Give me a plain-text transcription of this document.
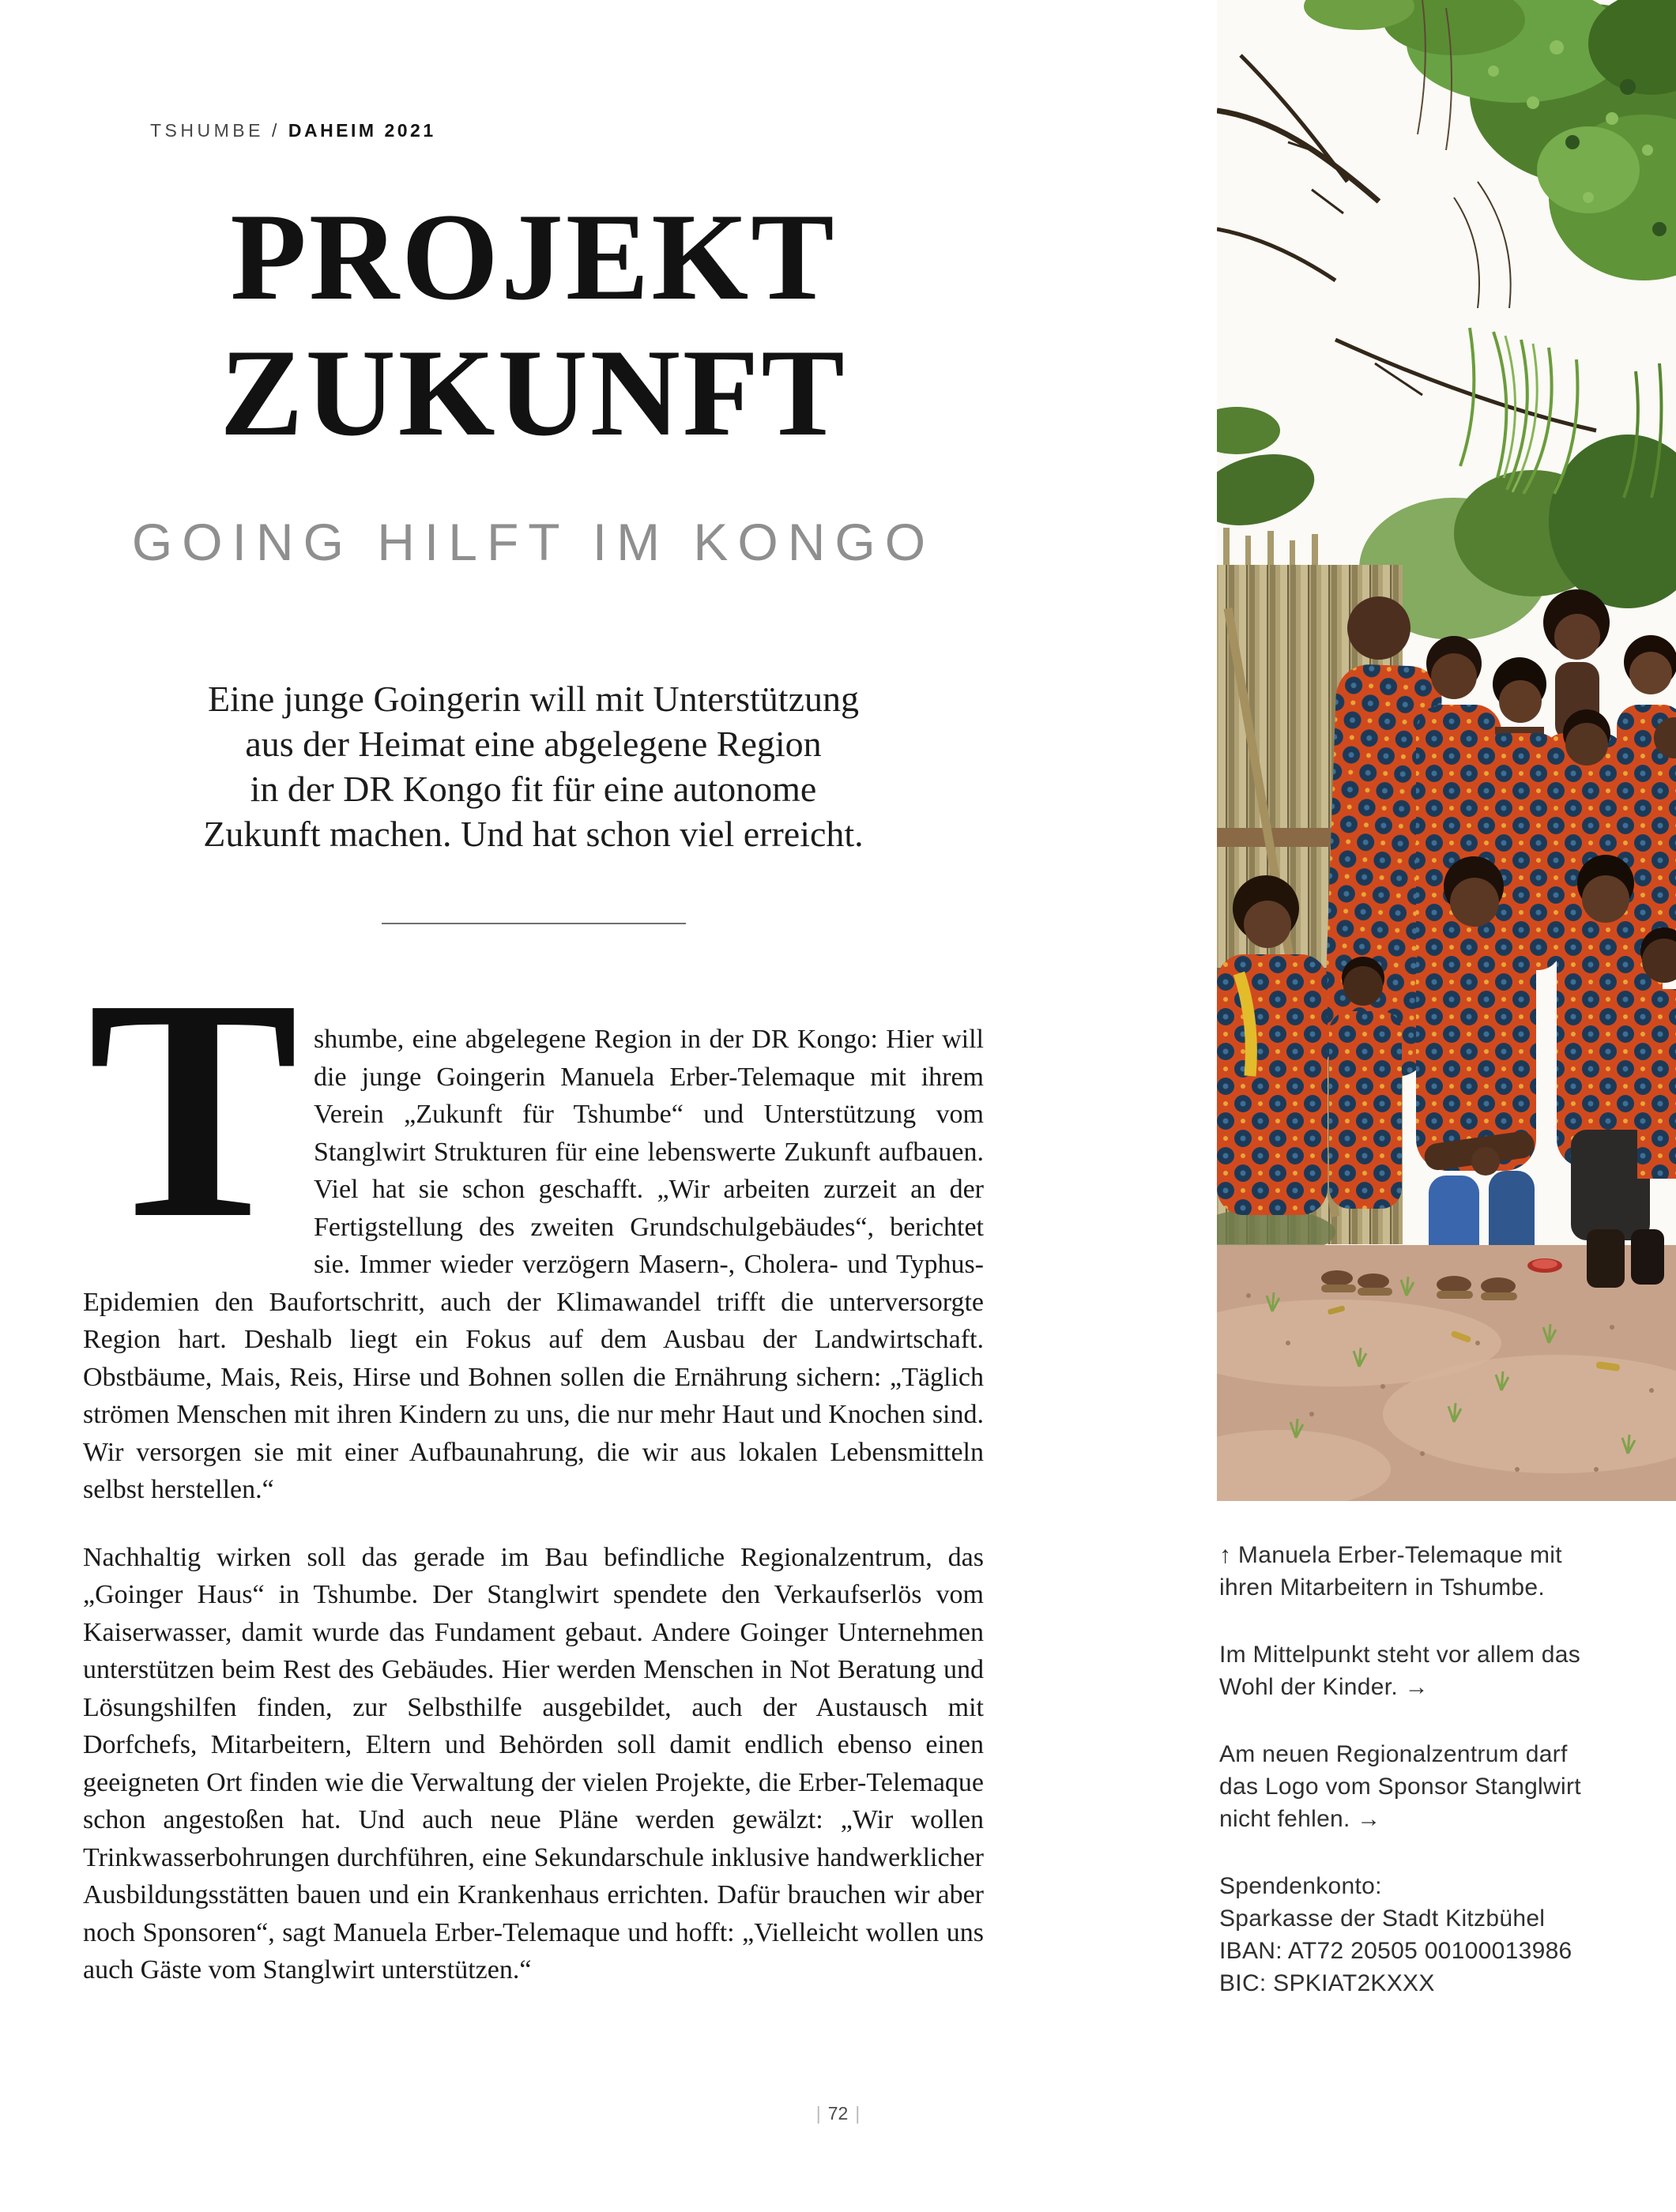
TSHUMBE / DAHEIM 2021
PROJEKT
ZUKUNFT
GOING HILFT IM KONGO
Eine junge Goingerin will mit Unterstützung
aus der Heimat eine abgelegene Region
in der DR Kongo fit für eine autonome
Zukunft machen. Und hat schon viel erreicht.

T shumbe, eine abgelegene Region in der DR Kongo: Hier will die junge Goingerin Manuela Erber-Telemaque mit ihrem Verein „Zukunft für Tshumbe“ und Unterstützung vom Stanglwirt Strukturen für eine lebenswerte Zukunft aufbauen. Viel hat sie schon geschafft. „Wir arbeiten zurzeit an der Fertigstellung des zweiten Grundschulgebäudes“, berichtet sie. Immer wieder verzögern Masern-, Cholera- und Typhus-Epidemien den Baufortschritt, auch der Klimawandel trifft die unterversorgte Region hart. Deshalb liegt ein Fokus auf dem Ausbau der Landwirtschaft. Obstbäume, Mais, Reis, Hirse und Bohnen sollen die Ernährung sichern: „Täglich strömen Menschen mit ihren Kindern zu uns, die nur mehr Haut und Knochen sind. Wir versorgen sie mit einer Aufbaunahrung, die wir aus lokalen Lebensmitteln selbst herstellen.“

Nachhaltig wirken soll das gerade im Bau befindliche Regionalzentrum, das „Goinger Haus“ in Tshumbe. Der Stanglwirt spendete den Verkaufserlös vom Kaiserwasser, damit wurde das Fundament gebaut. Andere Goinger Unternehmen unterstützen beim Rest des Gebäudes. Hier werden Menschen in Not Beratung und Lösungshilfen finden, zur Selbsthilfe ausgebildet, auch der Austausch mit Dorfchefs, Mitarbeitern, Eltern und Behörden soll damit endlich ebenso einen geeigneten Ort finden wie die Verwaltung der vielen Projekte, die Erber-Telemaque schon angestoßen hat. Und auch neue Pläne werden gewälzt: „Wir wollen Trinkwasserbohrungen durchführen, eine Sekundarschule inklusive handwerklicher Ausbildungsstätten bauen und ein Krankenhaus errichten. Dafür brauchen wir aber noch Sponsoren“, sagt Manuela Erber-Telemaque und hofft: „Vielleicht wollen uns auch Gäste vom Stanglwirt unterstützen.“

↑ Manuela Erber-Telemaque mit ihren Mitarbeitern in Tshumbe.
Im Mittelpunkt steht vor allem das Wohl der Kinder. →
Am neuen Regionalzentrum darf das Logo vom Sponsor Stanglwirt nicht fehlen. →
Spendenkonto:
Sparkasse der Stadt Kitzbühel
IBAN: AT72 20505 00100013986
BIC: SPKIAT2KXXX
| 72 |
